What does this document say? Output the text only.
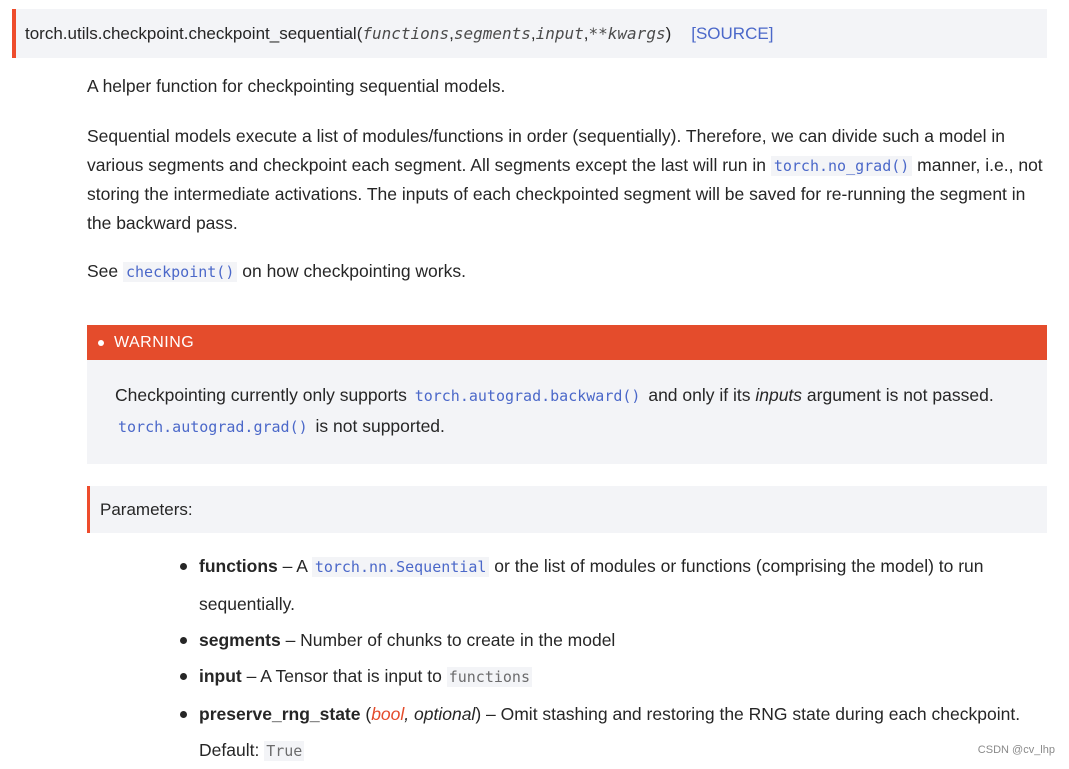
torch.utils.checkpoint.checkpoint_sequential ( functions , segments , input , **kwargs ) [SOURCE]
A helper function for checkpointing sequential models.
Sequential models execute a list of modules/functions in order (sequentially). Therefore, we can divide such a model in various segments and checkpoint each segment. All segments except the last will run in torch.no_grad() manner, i.e., not storing the intermediate activations. The inputs of each checkpointed segment will be saved for re-running the segment in the backward pass.
See checkpoint() on how checkpointing works.
WARNING
Checkpointing currently only supports torch.autograd.backward() and only if its inputs argument is not passed. torch.autograd.grad() is not supported.
Parameters:
functions – A torch.nn.Sequential or the list of modules or functions (comprising the model) to run sequentially.
segments – Number of chunks to create in the model
input – A Tensor that is input to functions
preserve_rng_state (bool, optional) – Omit stashing and restoring the RNG state during each checkpoint. Default: True	CSDN @cv_lhp
